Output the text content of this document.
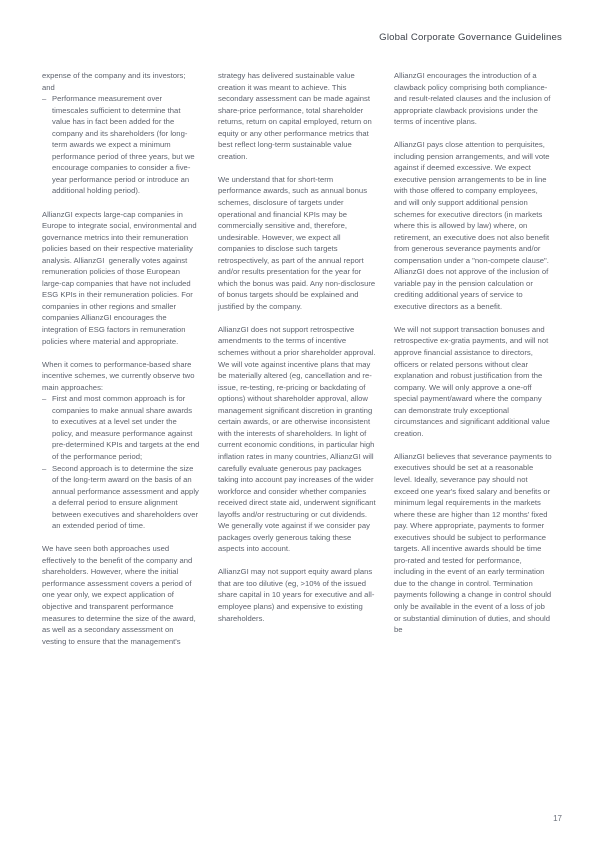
Global Corporate Governance Guidelines

expense of the company and its investors; and

– Performance measurement over timescales sufficient to determine that value has in fact been added for the company and its shareholders (for long-term awards we expect a minimum performance period of three years, but we encourage companies to consider a five-year performance period or introduce an additional holding period).

AllianzGI expects large-cap companies in Europe to integrate social, environmental and governance metrics into their remuneration policies based on their respective materiality analysis. AllianzGI  generally votes against remuneration policies of those European large-cap companies that have not included ESG KPIs in their remuneration policies. For companies in other regions and smaller companies AllianzGI encourages the integration of ESG factors in remuneration policies where material and appropriate.

When it comes to performance-based share incentive schemes, we currently observe two main approaches:

– First and most common approach is for companies to make annual share awards to executives at a level set under the policy, and measure performance against pre-determined KPIs and targets at the end of the performance period;
– Second approach is to determine the size of the long-term award on the basis of an annual performance assessment and apply a deferral period to ensure alignment between executives and shareholders over an extended period of time.

We have seen both approaches used effectively to the benefit of the company and shareholders. However, where the initial performance assessment covers a period of one year only, we expect application of objective and transparent performance measures to determine the size of the award, as well as a secondary assessment on vesting to ensure that the management's

strategy has delivered sustainable value creation it was meant to achieve. This secondary assessment can be made against share-price performance, total shareholder returns, return on capital employed, return on equity or any other performance metrics that best reflect long-term sustainable value creation.

We understand that for short-term performance awards, such as annual bonus schemes, disclosure of targets under operational and financial KPIs may be commercially sensitive and, therefore, undesirable. However, we expect all companies to disclose such targets retrospectively, as part of the annual report and/or results presentation for the year for which the bonus was paid. Any non-disclosure of bonus targets should be explained and justified by the company.

AllianzGI does not support retrospective amendments to the terms of incentive schemes without a prior shareholder approval. We will vote against incentive plans that may be materially altered (eg, cancellation and re-issue, re-testing, re-pricing or backdating of options) without shareholder approval, allow management significant discretion in granting certain awards, or are otherwise inconsistent with the interests of shareholders. In light of current economic conditions, in particular high inflation rates in many countries, AllianzGI will carefully evaluate generous pay packages taking into account pay increases of the wider workforce and consider whether companies received direct state aid, underwent significant layoffs and/or restructuring or cut dividends. We generally vote against if we consider pay packages overly generous taking these aspects into account.

AllianzGI may not support equity award plans that are too dilutive (eg, >10% of the issued share capital in 10 years for executive and all-employee plans) and expensive to existing shareholders.

AllianzGI encourages the introduction of a clawback policy comprising both compliance- and result-related clauses and the inclusion of appropriate clawback provisions under the terms of incentive plans.

AllianzGI pays close attention to perquisites, including pension arrangements, and will vote against if deemed excessive. We expect executive pension arrangements to be in line with those offered to company employees, and will only support additional pension schemes for executive directors (in markets where this is allowed by law) where, on retirement, an executive does not also benefit from generous severance payments and/or compensation under a "non-compete clause". AllianzGI does not approve of the inclusion of variable pay in the pension calculation or crediting additional years of service to executive directors as a benefit.

We will not support transaction bonuses and retrospective ex-gratia payments, and will not approve financial assistance to directors, officers or related persons without clear explanation and robust justification from the company. We will only approve a one-off special payment/award where the company can demonstrate truly exceptional circumstances and significant additional value creation.

AllianzGI believes that severance payments to executives should be set at a reasonable level. Ideally, severance pay should not exceed one year's fixed salary and benefits or minimum legal requirements in the markets where these are higher than 12 months' fixed pay. Where appropriate, payments to former executives should be subject to performance targets. All incentive awards should be time pro-rated and tested for performance, including in the event of an early termination due to the change in control. Termination payments following a change in control should only be available in the event of a loss of job or substantial diminution of duties, and should be

17
